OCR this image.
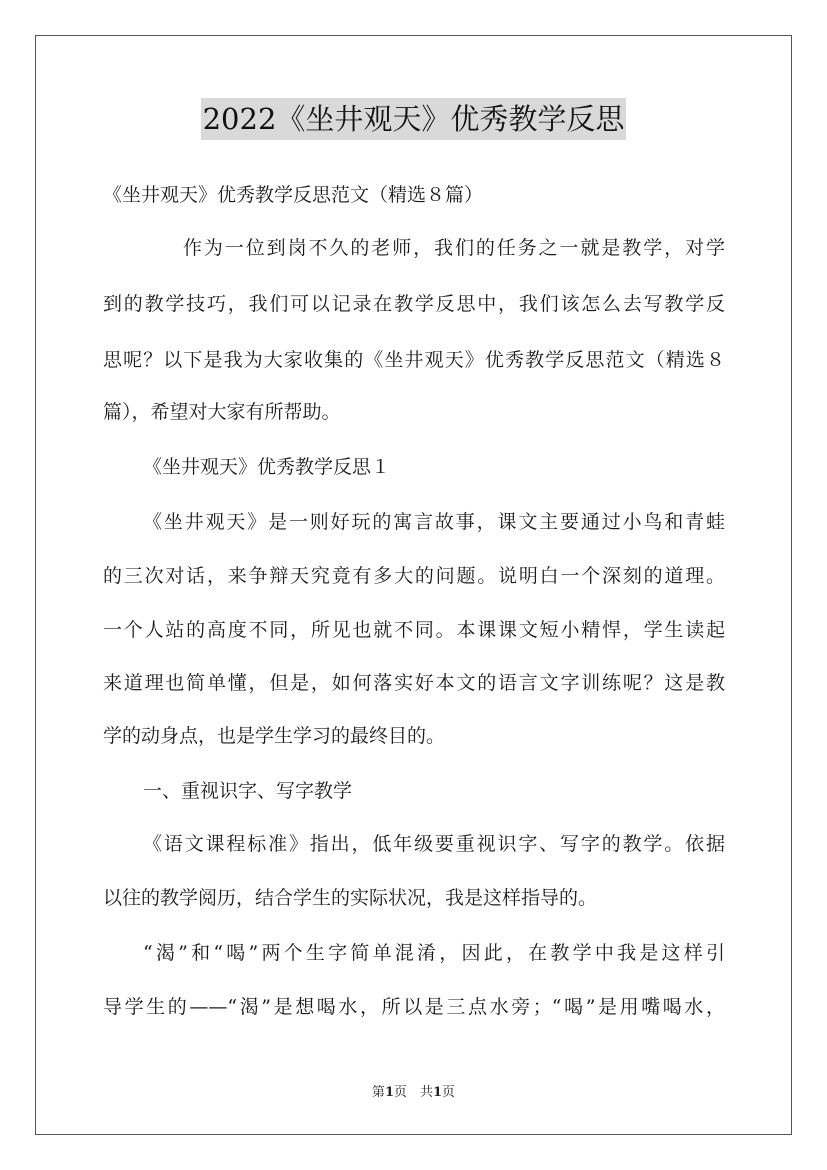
2022《坐井观天》优秀教学反思
《坐井观天》优秀教学反思范文（精选８篇）
作为一位到岗不久的老师，我们的任务之一就是教学，对学
到的教学技巧，我们可以记录在教学反思中，我们该怎么去写教学反
思呢？以下是我为大家收集的《坐井观天》优秀教学反思范文（精选８
篇），希望对大家有所帮助。
《坐井观天》优秀教学反思１
《坐井观天》是一则好玩的寓言故事，课文主要通过小鸟和青蛙
的三次对话，来争辩天究竟有多大的问题。说明白一个深刻的道理。
一个人站的高度不同，所见也就不同。本课课文短小精悍，学生读起
来道理也简单懂，但是，如何落实好本文的语言文字训练呢？这是教
学的动身点，也是学生学习的最终目的。
一、重视识字、写字教学
《语文课程标准》指出，低年级要重视识字、写字的教学。依据
以往的教学阅历，结合学生的实际状况，我是这样指导的。
“渴”和“喝”两个生字简单混淆，因此，在教学中我是这样引
导学生的——“渴”是想喝水，所以是三点水旁；“喝”是用嘴喝水，
第1页　共1页
